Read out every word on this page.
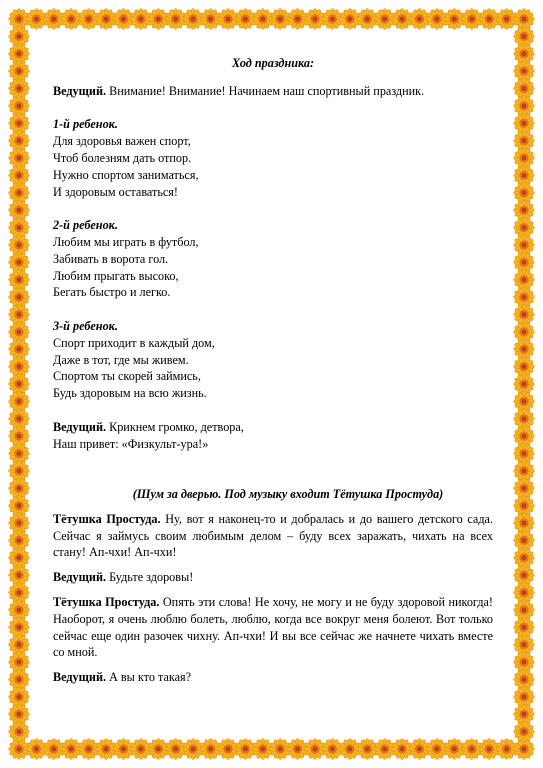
Ход праздника:

Ведущий. Внимание! Внимание! Начинаем наш спортивный праздник.

1-й ребенок.

Для здоровья важен спорт,

Чтоб болезням дать отпор.

Нужно спортом заниматься,

И здоровым оставаться!

2-й ребенок.

Любим мы играть в футбол,

Забивать в ворота гол.

Любим прыгать высоко,

Бегать быстро и легко.

3-й ребенок.

Спорт приходит в каждый дом,

Даже в тот, где мы живем.

Спортом ты скорей займись,

Будь здоровым на всю жизнь.

Ведущий. Крикнем громко, детвора,

Наш привет: «Физкульт-ура!»

(Шум за дверью. Под музыку входит Тётушка Простуда)

Тётушка Простуда. Ну, вот я наконец-то и добралась и до вашего детского сада. Сейчас я займусь своим любимым делом – буду всех заражать, чихать на всех стану! Ап-чхи! Ап-чхи!

Ведущий. Будьте здоровы!

Тётушка Простуда. Опять эти слова! Не хочу, не могу и не буду здоровой никогда! Наоборот, я очень люблю болеть, люблю, когда все вокруг меня болеют. Вот только сейчас еще один разочек чихну. Ап-чхи! И вы все сейчас же начнете чихать вместе со мной.

Ведущий. А вы кто такая?
